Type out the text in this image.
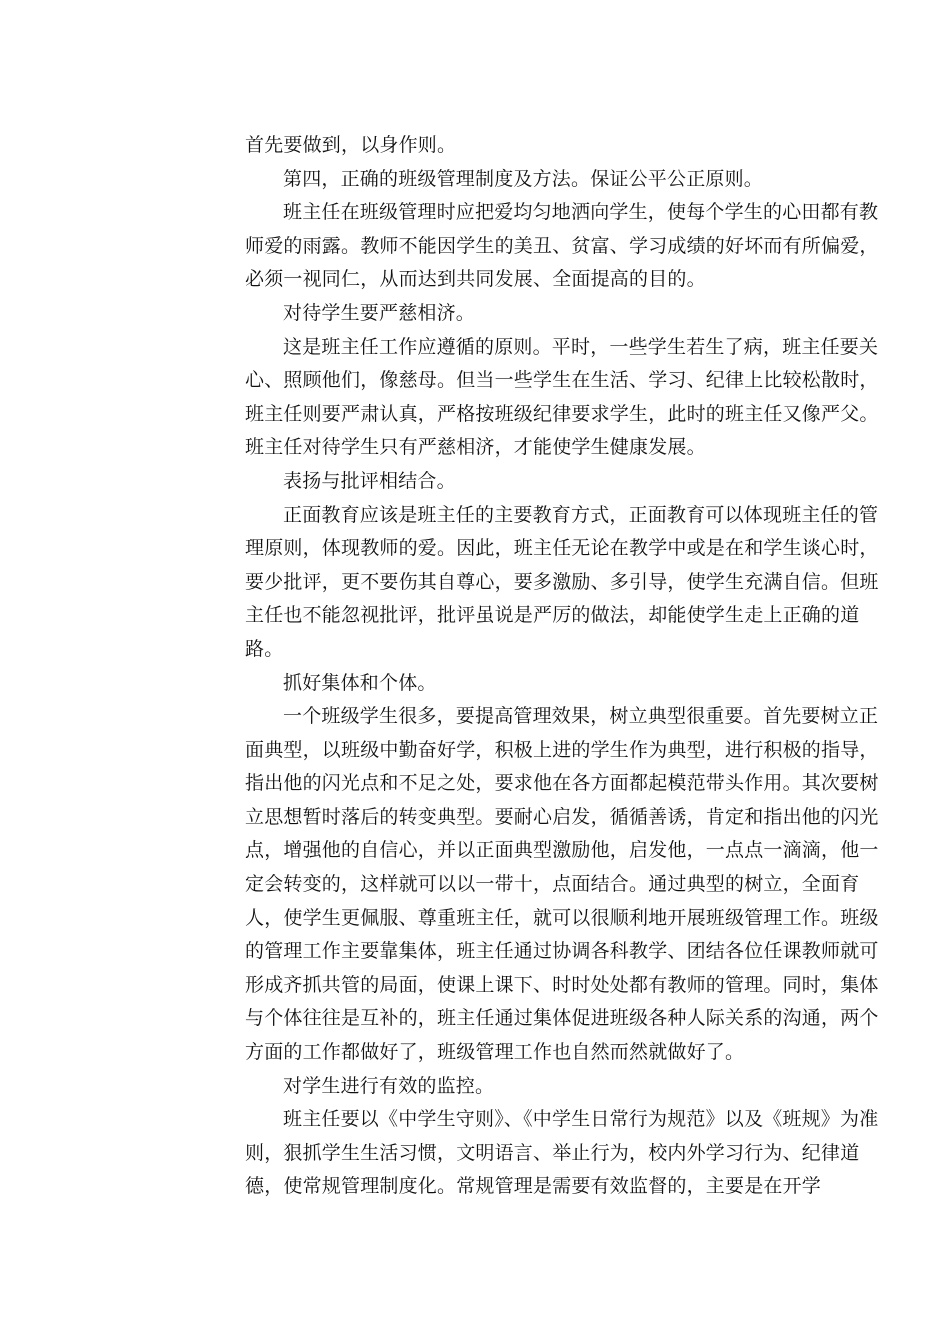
首先要做到，以身作则。

第四，正确的班级管理制度及方法。保证公平公正原则。

班主任在班级管理时应把爱均匀地洒向学生，使每个学生的心田都有教师爱的雨露。教师不能因学生的美丑、贫富、学习成绩的好坏而有所偏爱，必须一视同仁，从而达到共同发展、全面提高的目的。

对待学生要严慈相济。

这是班主任工作应遵循的原则。平时，一些学生若生了病，班主任要关心、照顾他们，像慈母。但当一些学生在生活、学习、纪律上比较松散时，班主任则要严肃认真，严格按班级纪律要求学生，此时的班主任又像严父。班主任对待学生只有严慈相济，才能使学生健康发展。

表扬与批评相结合。

正面教育应该是班主任的主要教育方式，正面教育可以体现班主任的管理原则，体现教师的爱。因此，班主任无论在教学中或是在和学生谈心时，要少批评，更不要伤其自尊心，要多激励、多引导，使学生充满自信。但班主任也不能忽视批评，批评虽说是严厉的做法，却能使学生走上正确的道路。

抓好集体和个体。

一个班级学生很多，要提高管理效果，树立典型很重要。首先要树立正面典型，以班级中勤奋好学，积极上进的学生作为典型，进行积极的指导，指出他的闪光点和不足之处，要求他在各方面都起模范带头作用。其次要树立思想暂时落后的转变典型。要耐心启发，循循善诱，肯定和指出他的闪光点，增强他的自信心，并以正面典型激励他，启发他，一点点一滴滴，他一定会转变的，这样就可以以一带十，点面结合。通过典型的树立，全面育人，使学生更佩服、尊重班主任，就可以很顺利地开展班级管理工作。班级的管理工作主要靠集体，班主任通过协调各科教学、团结各位任课教师就可形成齐抓共管的局面，使课上课下、时时处处都有教师的管理。同时，集体与个体往往是互补的，班主任通过集体促进班级各种人际关系的沟通，两个方面的工作都做好了，班级管理工作也自然而然就做好了。

对学生进行有效的监控。

班主任要以《中学生守则》、《中学生日常行为规范》以及《班规》为准则，狠抓学生生活习惯，文明语言、举止行为，校内外学习行为、纪律道德，使常规管理制度化。常规管理是需要有效监督的，主要是在开学
